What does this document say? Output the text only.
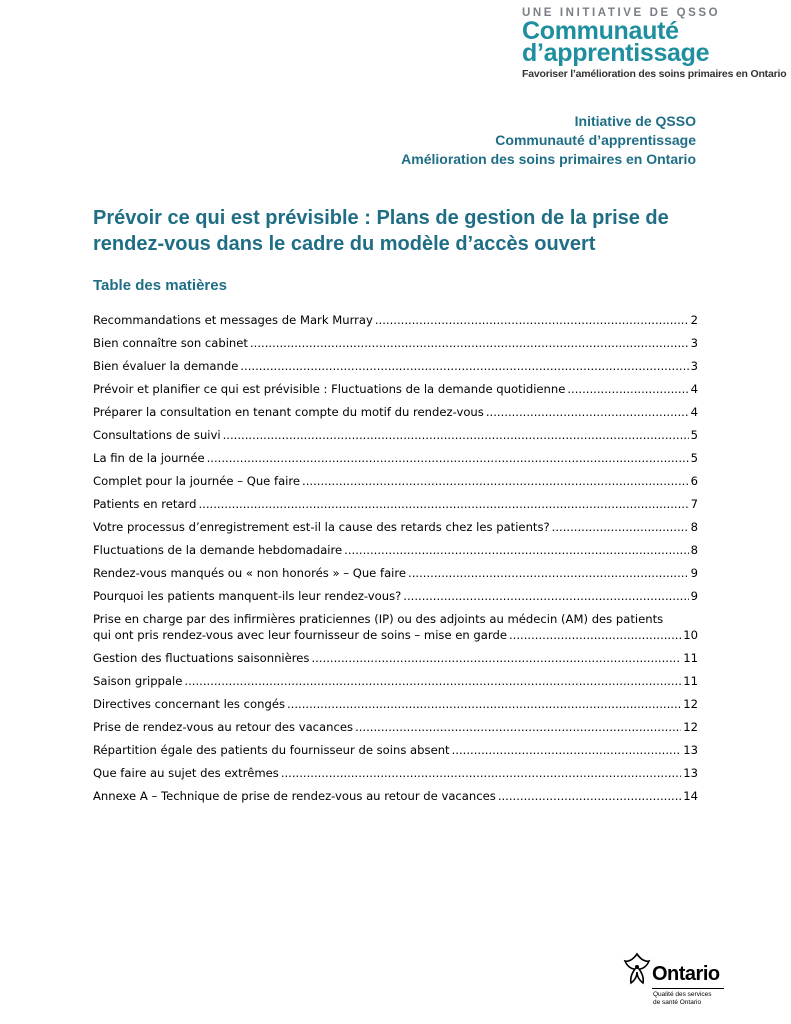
UNE INITIATIVE DE QSSO
Communauté
d’apprentissage
Favoriser l’amélioration des soins primaires en Ontario
Initiative de QSSO
Communauté d’apprentissage
Amélioration des soins primaires en Ontario
Prévoir ce qui est prévisible : Plans de gestion de la prise de rendez-vous dans le cadre du modèle d’accès ouvert
Table des matières
Recommandations et messages de Mark Murray .....	2
Bien connaître son cabinet .....	3
Bien évaluer la demande .....	3
Prévoir et planifier ce qui est prévisible : Fluctuations de la demande quotidienne .....	4
Préparer la consultation en tenant compte du motif du rendez-vous .....	4
Consultations de suivi .....	5
La fin de la journée .....	5
Complet pour la journée – Que faire .....	6
Patients en retard .....	7
Votre processus d’enregistrement est-il la cause des retards chez les patients? .....	8
Fluctuations de la demande hebdomadaire .....	8
Rendez-vous manqués ou « non honorés » – Que faire .....	9
Pourquoi les patients manquent-ils leur rendez-vous? .....	9
Prise en charge par des infirmières praticiennes (IP) ou des adjoints au médecin (AM) des patients
qui ont pris rendez-vous avec leur fournisseur de soins – mise en garde .....	10
Gestion des fluctuations saisonnières .....	11
Saison grippale .....	11
Directives concernant les congés .....	12
Prise de rendez-vous au retour des vacances .....	12
Répartition égale des patients du fournisseur de soins absent .....	13
Que faire au sujet des extrêmes .....	13
Annexe A – Technique de prise de rendez-vous au retour de vacances .....	14
Ontario
Qualité des services
de santé Ontario
